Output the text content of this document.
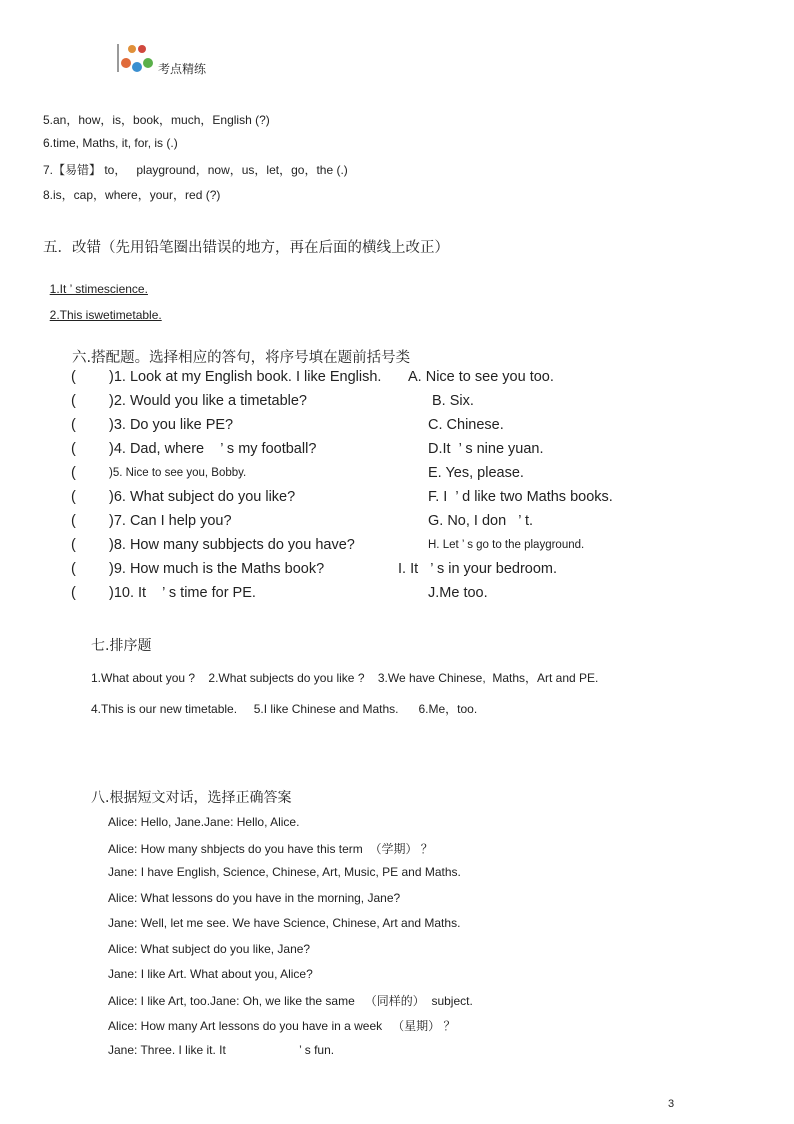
考点精练
5.an，how，is，book，much，English (?)
6.time, Maths, it, for, is (.)
7.【易错】 to，   playground，now，us，let，go，the (.)
8.is，cap，where，your，red (?)
五．改错（先用铅笔圈出错误的地方，再在后面的横线上改正）

1.It ’ stimescience.

2.This iswetimetable.

六.搭配题。选择相应的答句，将序号填在题前括号类
( )1. Look at my English book. I like English. A. Nice to see you too.
( )2. Would you like a timetable?	B. Six.
( )3. Do you like PE?	C. Chinese.
( )4. Dad, where    ’ s my football?	D.It  ’ s nine yuan.
(	)5. Nice to see you, Bobby.	E. Yes, please.
( )6. What subject do you like?	F. I  ’ d like two Maths books.
( )7. Can I help you?	G. No, I don   ’ t.
( )8. How many subbjects do you have?	H. Let ’ s go to the playground.
( )9. How much is the Maths book?	I. It   ’ s in your bedroom.
( )10. It    ’ s time for PE.	J.Me too.
七.排序题
1.What about you ?    2.What subjects do you like ?    3.We have Chinese,  Maths，Art and PE.
4.This is our new timetable.     5.I like Chinese and Maths.      6.Me，too.
八.根据短文对话，选择正确答案
Alice: Hello, Jane.Jane: Hello, Alice.
Alice: How many shbjects do you have this term  （学期） ？
Jane: I have English, Science, Chinese, Art, Music, PE and Maths.
Alice: What lessons do you have in the morning, Jane?
Jane: Well, let me see. We have Science, Chinese, Art and Maths.
Alice: What subject do you like, Jane?
Jane: I like Art. What about you, Alice?
Alice: I like Art, too.Jane: Oh, we like the same   （同样的）  subject.
Alice: How many Art lessons do you have in a week   （星期） ？
Jane: Three. I like it. It                      ’ s fun.
3
